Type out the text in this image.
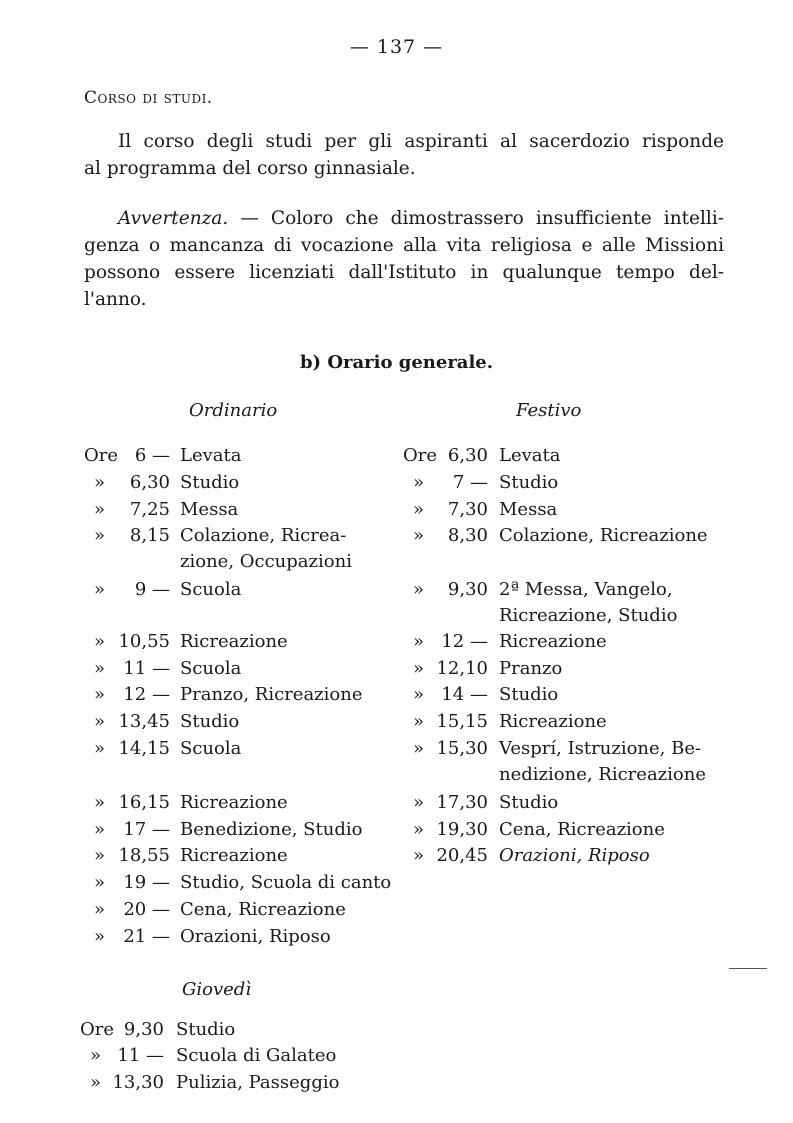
— 137 —
Corso di studi.
Il corso degli studi per gli aspiranti al sacerdozio risponde
al programma del corso ginnasiale.
Avvertenza. — Coloro che dimostrassero insufficiente intelli-
genza o mancanza di vocazione alla vita religiosa e alle Missioni
possono essere licenziati dall'Istituto in qualunque tempo del-
l'anno.
b) Orario generale.
Ordinario	Festivo
Ore 6 — Levata
»	6,30 Studio
»	7,25 Messa
»	8,15 Colazione, Ricrea-
zione, Occupazioni
»	9 — Scuola
» 10,55 Ricreazione
» 11 — Scuola
» 12 — Pranzo, Ricreazione
» 13,45 Studio
» 14,15 Scuola
» 16,15 Ricreazione
» 17 — Benedizione, Studio
» 18,55 Ricreazione
» 19 — Studio, Scuola di canto
» 20 — Cena, Ricreazione
» 21 — Orazioni, Riposo
Ore 6,30 Levata
»	7 — Studio
»	7,30 Messa
»	8,30 Colazione, Ricreazione
»	9,30 2ª Messa, Vangelo,
Ricreazione, Studio
» 12 — Ricreazione
» 12,10 Pranzo
» 14 — Studio
» 15,15 Ricreazione
» 15,30 Vesprí, Istruzione, Be-
nedizione, Ricreazione
» 17,30 Studio
» 19,30 Cena, Ricreazione
» 20,45 Orazioni, Riposo
Giovedì
Ore 9,30 Studio
» 11 — Scuola di Galateo
» 13,30 Pulizia, Passeggio
